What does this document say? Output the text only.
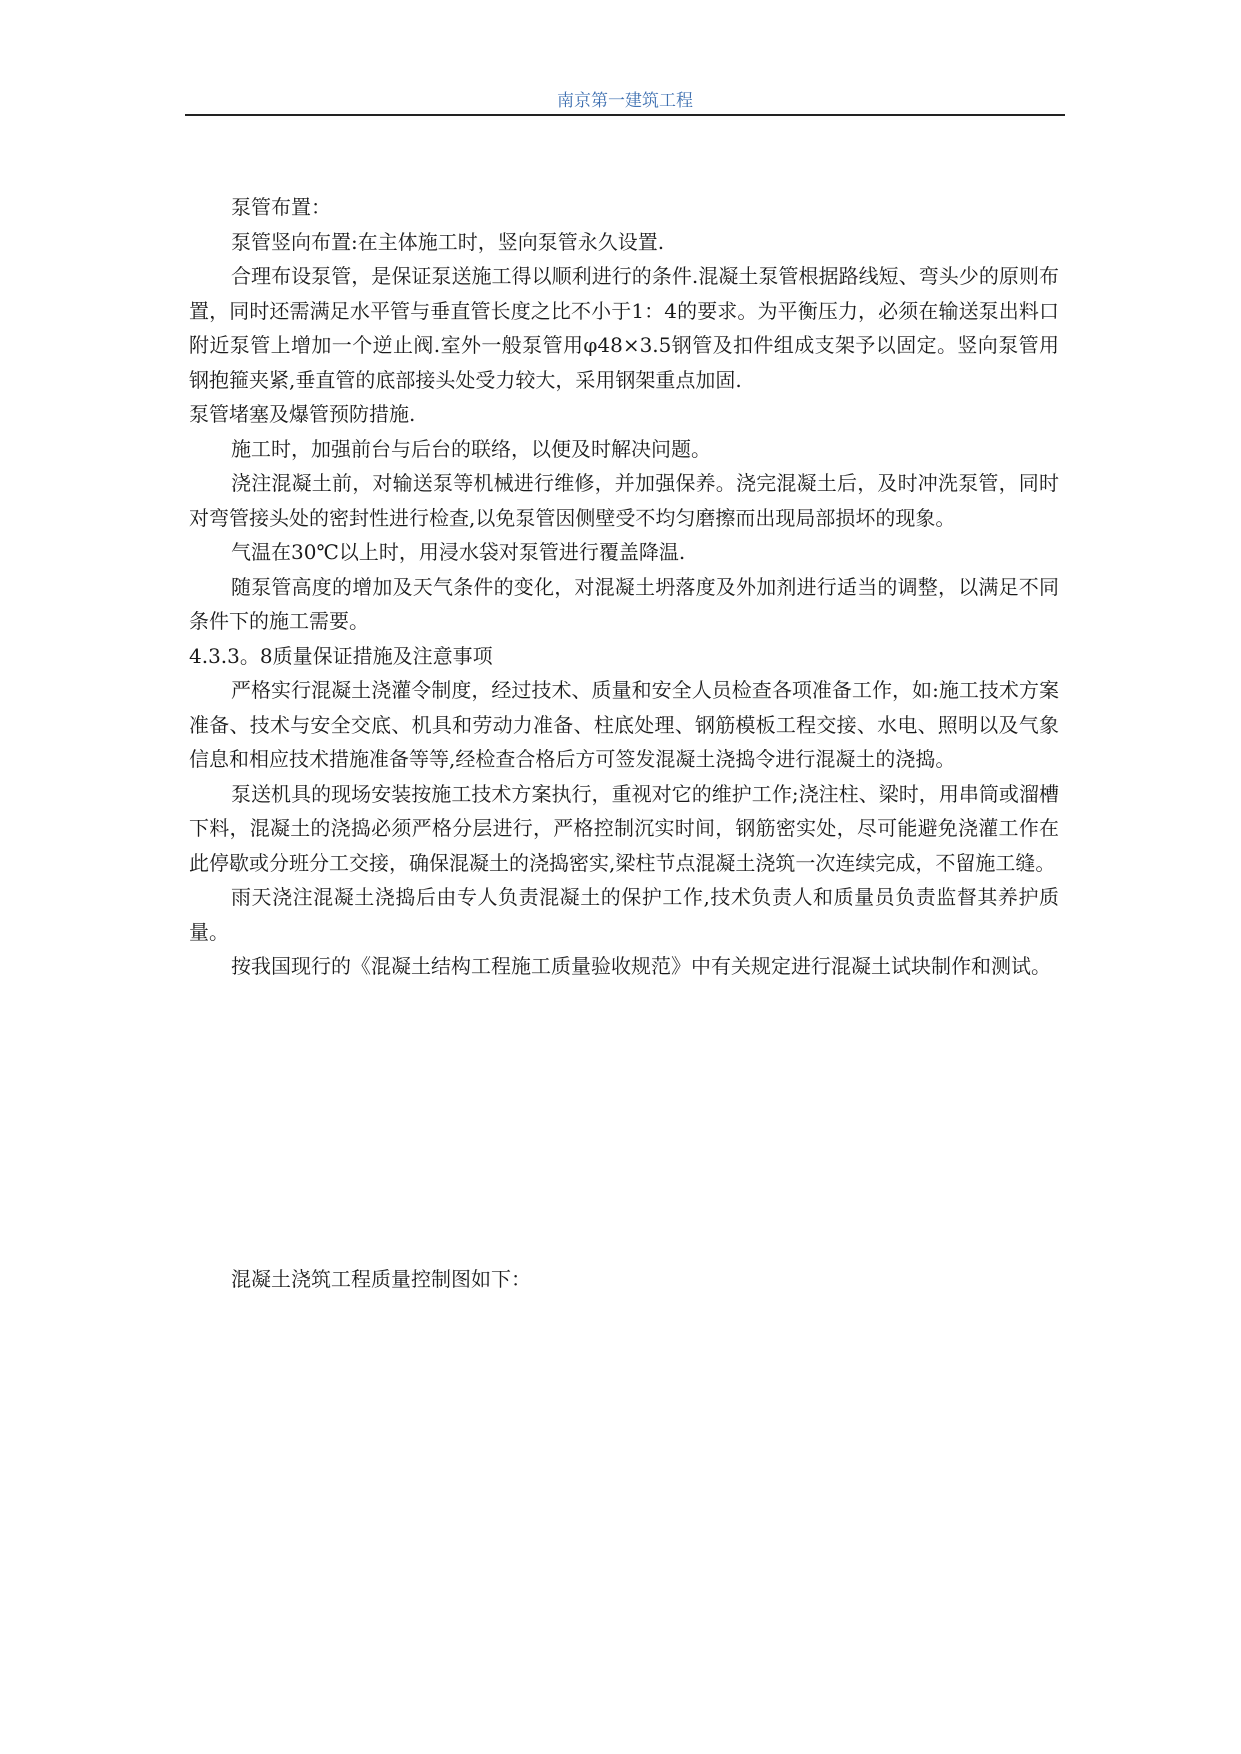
南京第一建筑工程

泵管布置：

泵管竖向布置:在主体施工时，竖向泵管永久设置.

合理布设泵管，是保证泵送施工得以顺利进行的条件.混凝土泵管根据路线短、弯头少的原则布置，同时还需满足水平管与垂直管长度之比不小于1：4的要求。为平衡压力，必须在输送泵出料口附近泵管上增加一个逆止阀.室外一般泵管用φ48×3.5钢管及扣件组成支架予以固定。竖向泵管用钢抱箍夹紧,垂直管的底部接头处受力较大，采用钢架重点加固.

泵管堵塞及爆管预防措施.

施工时，加强前台与后台的联络，以便及时解决问题。

浇注混凝土前，对输送泵等机械进行维修，并加强保养。浇完混凝土后，及时冲洗泵管，同时对弯管接头处的密封性进行检查,以免泵管因侧壁受不均匀磨擦而出现局部损坏的现象。

气温在30℃以上时，用浸水袋对泵管进行覆盖降温.

随泵管高度的增加及天气条件的变化，对混凝土坍落度及外加剂进行适当的调整，以满足不同条件下的施工需要。

4.3.3。8质量保证措施及注意事项

严格实行混凝土浇灌令制度，经过技术、质量和安全人员检查各项准备工作，如:施工技术方案准备、技术与安全交底、机具和劳动力准备、柱底处理、钢筋模板工程交接、水电、照明以及气象信息和相应技术措施准备等等,经检查合格后方可签发混凝土浇捣令进行混凝土的浇捣。

泵送机具的现场安装按施工技术方案执行，重视对它的维护工作;浇注柱、梁时，用串筒或溜槽下料，混凝土的浇捣必须严格分层进行，严格控制沉实时间，钢筋密实处，尽可能避免浇灌工作在此停歇或分班分工交接，确保混凝土的浇捣密实,梁柱节点混凝土浇筑一次连续完成，不留施工缝。

雨天浇注混凝土浇捣后由专人负责混凝土的保护工作,技术负责人和质量员负责监督其养护质量。

按我国现行的《混凝土结构工程施工质量验收规范》中有关规定进行混凝土试块制作和测试。

混凝土浇筑工程质量控制图如下：
